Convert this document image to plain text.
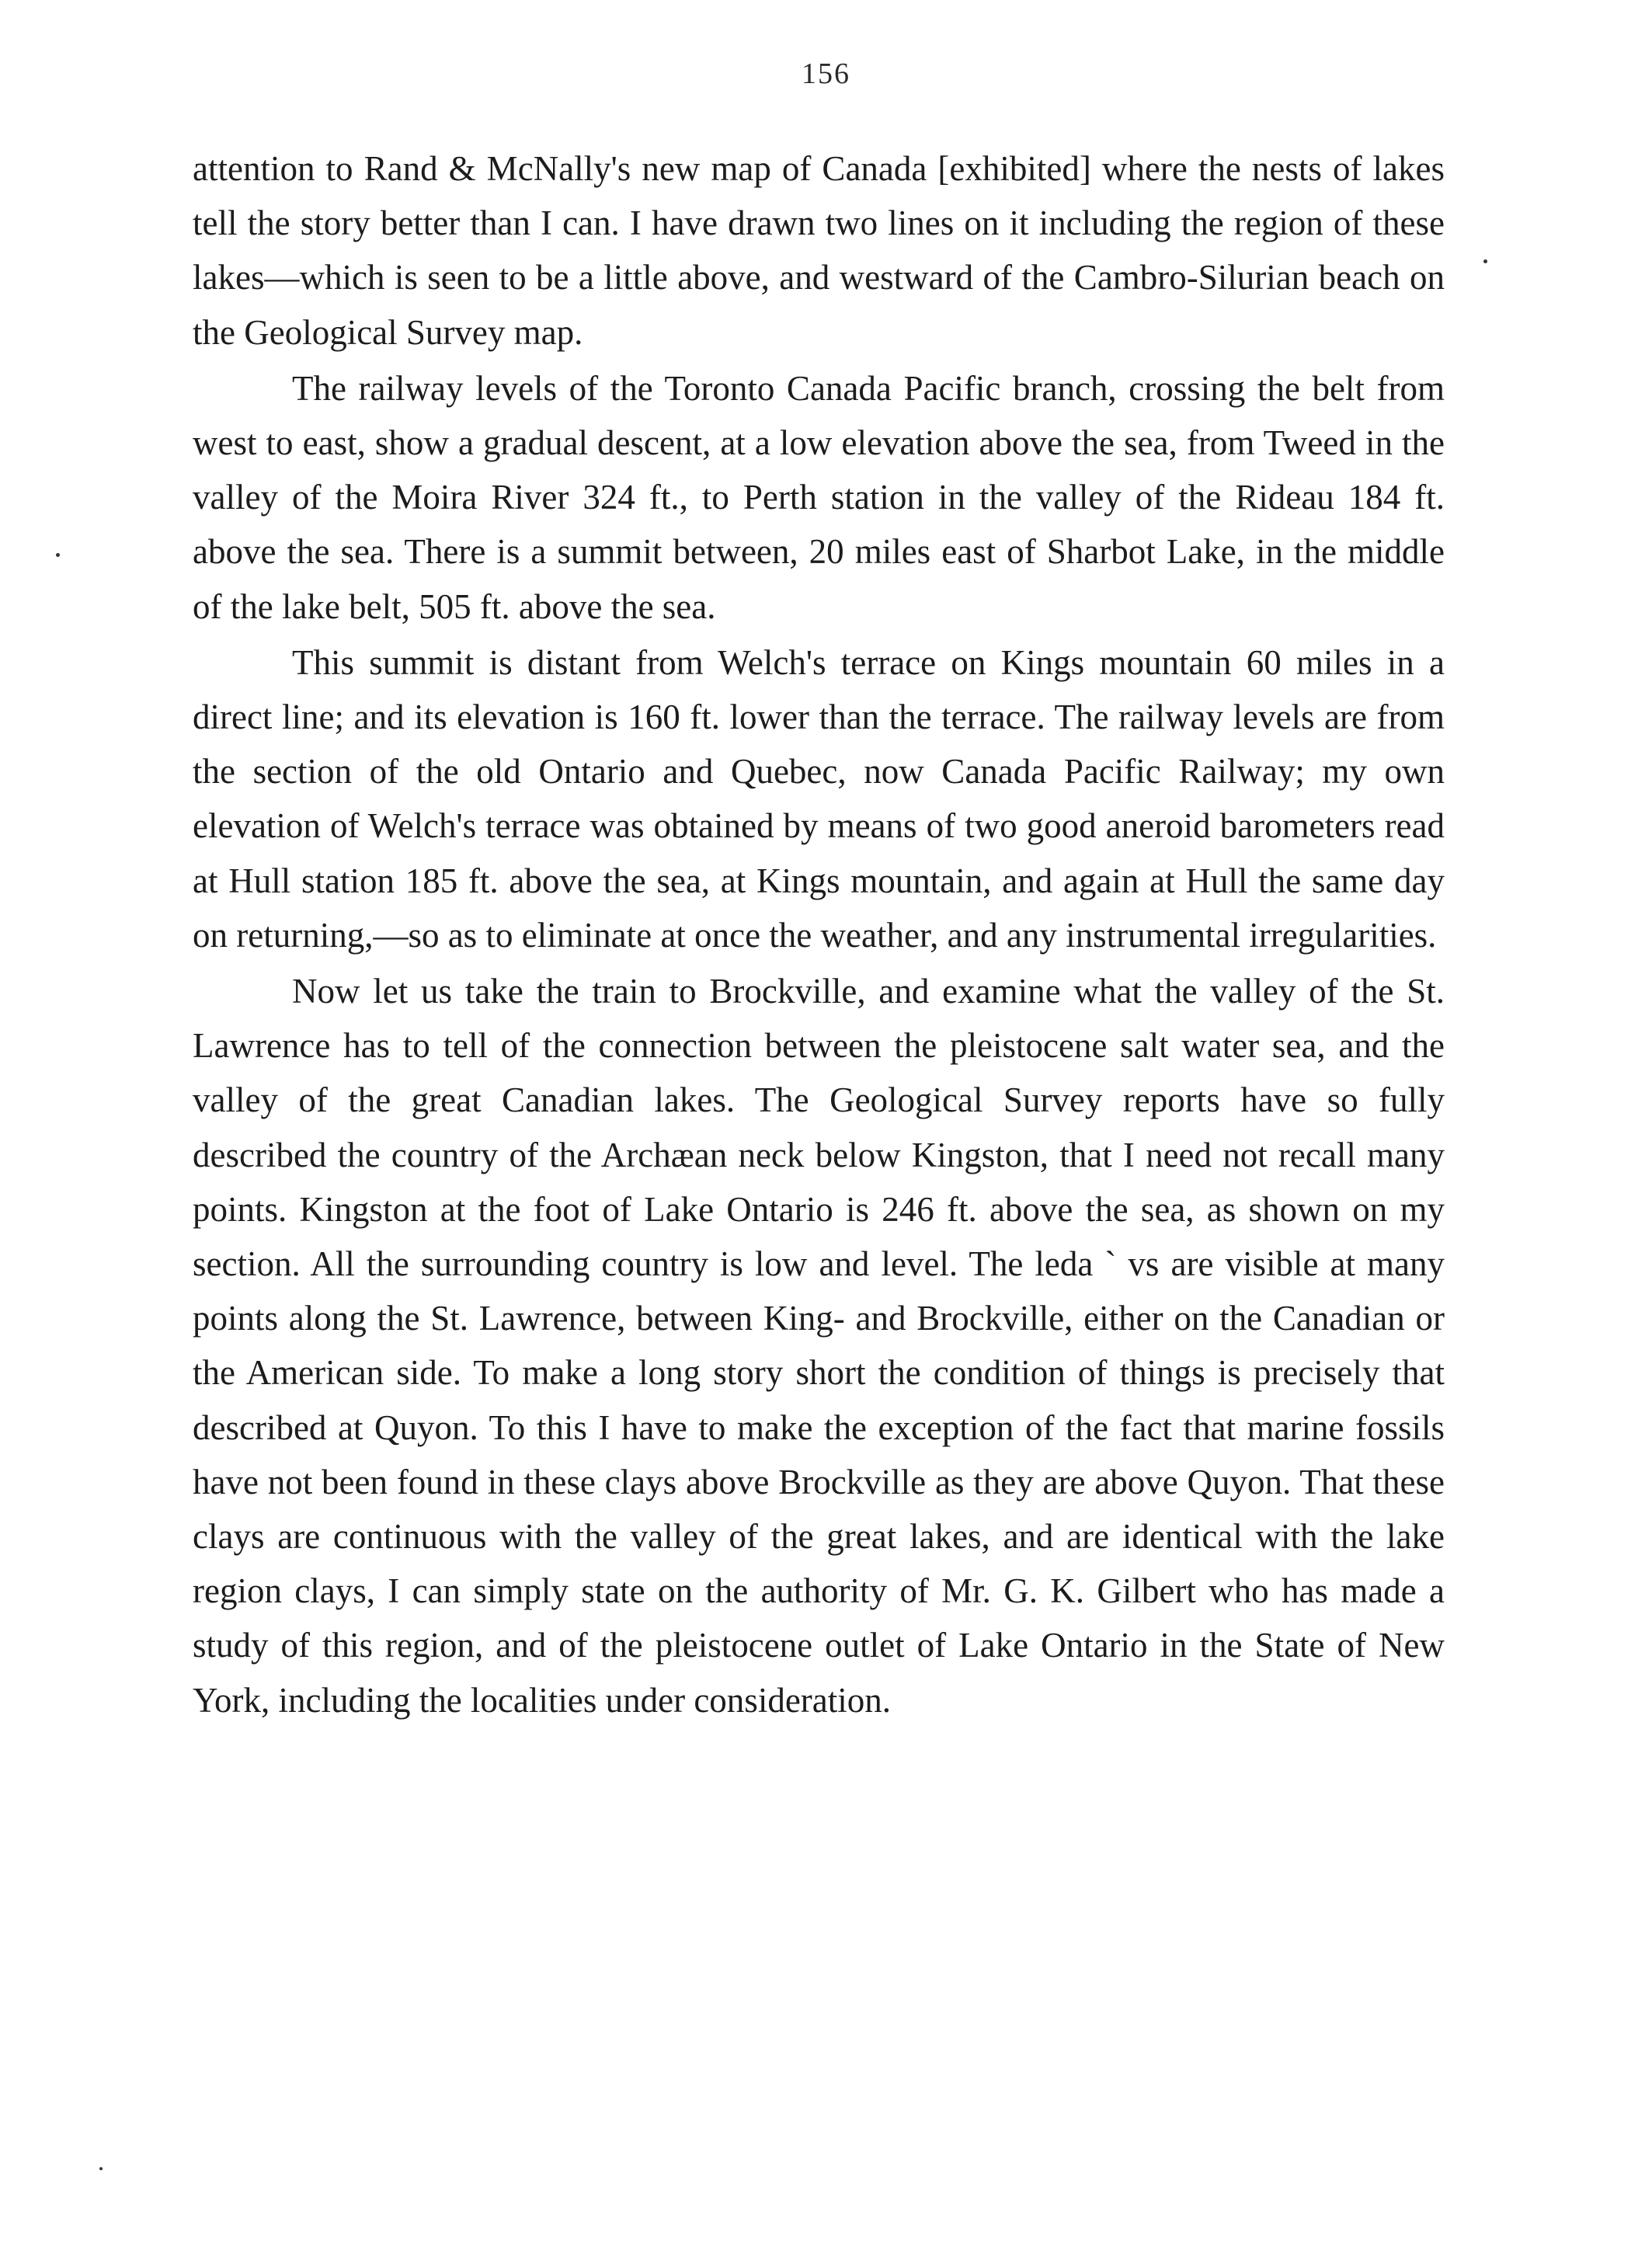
156

attention to Rand & McNally's new map of Canada [exhibited] where the nests of lakes tell the story better than I can. I have drawn two lines on it including the region of these lakes—which is seen to be a little above, and westward of the Cambro-Silurian beach on the Geological Survey map.

The railway levels of the Toronto Canada Pacific branch, crossing the belt from west to east, show a gradual descent, at a low elevation above the sea, from Tweed in the valley of the Moira River 324 ft., to Perth station in the valley of the Rideau 184 ft. above the sea. There is a summit between, 20 miles east of Sharbot Lake, in the middle of the lake belt, 505 ft. above the sea.

This summit is distant from Welch's terrace on Kings mountain 60 miles in a direct line; and its elevation is 160 ft. lower than the terrace. The railway levels are from the section of the old Ontario and Quebec, now Canada Pacific Railway; my own elevation of Welch's terrace was obtained by means of two good aneroid barometers read at Hull station 185 ft. above the sea, at Kings mountain, and again at Hull the same day on returning,—so as to eliminate at once the weather, and any instrumental irregularities.

Now let us take the train to Brockville, and examine what the valley of the St. Lawrence has to tell of the connection between the pleistocene salt water sea, and the valley of the great Canadian lakes. The Geological Survey reports have so fully described the country of the Archæan neck below Kingston, that I need not recall many points. Kingston at the foot of Lake Ontario is 246 ft. above the sea, as shown on my section. All the surrounding country is low and level. The leda ` vs are visible at many points along the St. Lawrence, between King- and Brockville, either on the Canadian or the American side. To make a long story short the condition of things is precisely that described at Quyon. To this I have to make the exception of the fact that marine fossils have not been found in these clays above Brockville as they are above Quyon. That these clays are continuous with the valley of the great lakes, and are identical with the lake region clays, I can simply state on the authority of Mr. G. K. Gilbert who has made a study of this region, and of the pleistocene outlet of Lake Ontario in the State of New York, including the localities under consideration.
